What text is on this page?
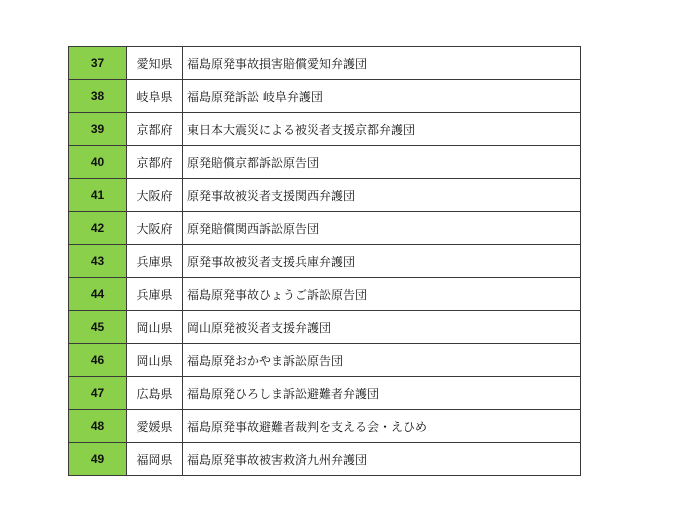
37	愛知県	福島原発事故損害賠償愛知弁護団
38	岐阜県	福島原発訴訟 岐阜弁護団
39	京都府	東日本大震災による被災者支援京都弁護団
40	京都府	原発賠償京都訴訟原告団
41	大阪府	原発事故被災者支援関西弁護団
42	大阪府	原発賠償関西訴訟原告団
43	兵庫県	原発事故被災者支援兵庫弁護団
44	兵庫県	福島原発事故ひょうご訴訟原告団
45	岡山県	岡山原発被災者支援弁護団
46	岡山県	福島原発おかやま訴訟原告団
47	広島県	福島原発ひろしま訴訟避難者弁護団
48	愛媛県	福島原発事故避難者裁判を支える会・えひめ
49	福岡県	福島原発事故被害救済九州弁護団
